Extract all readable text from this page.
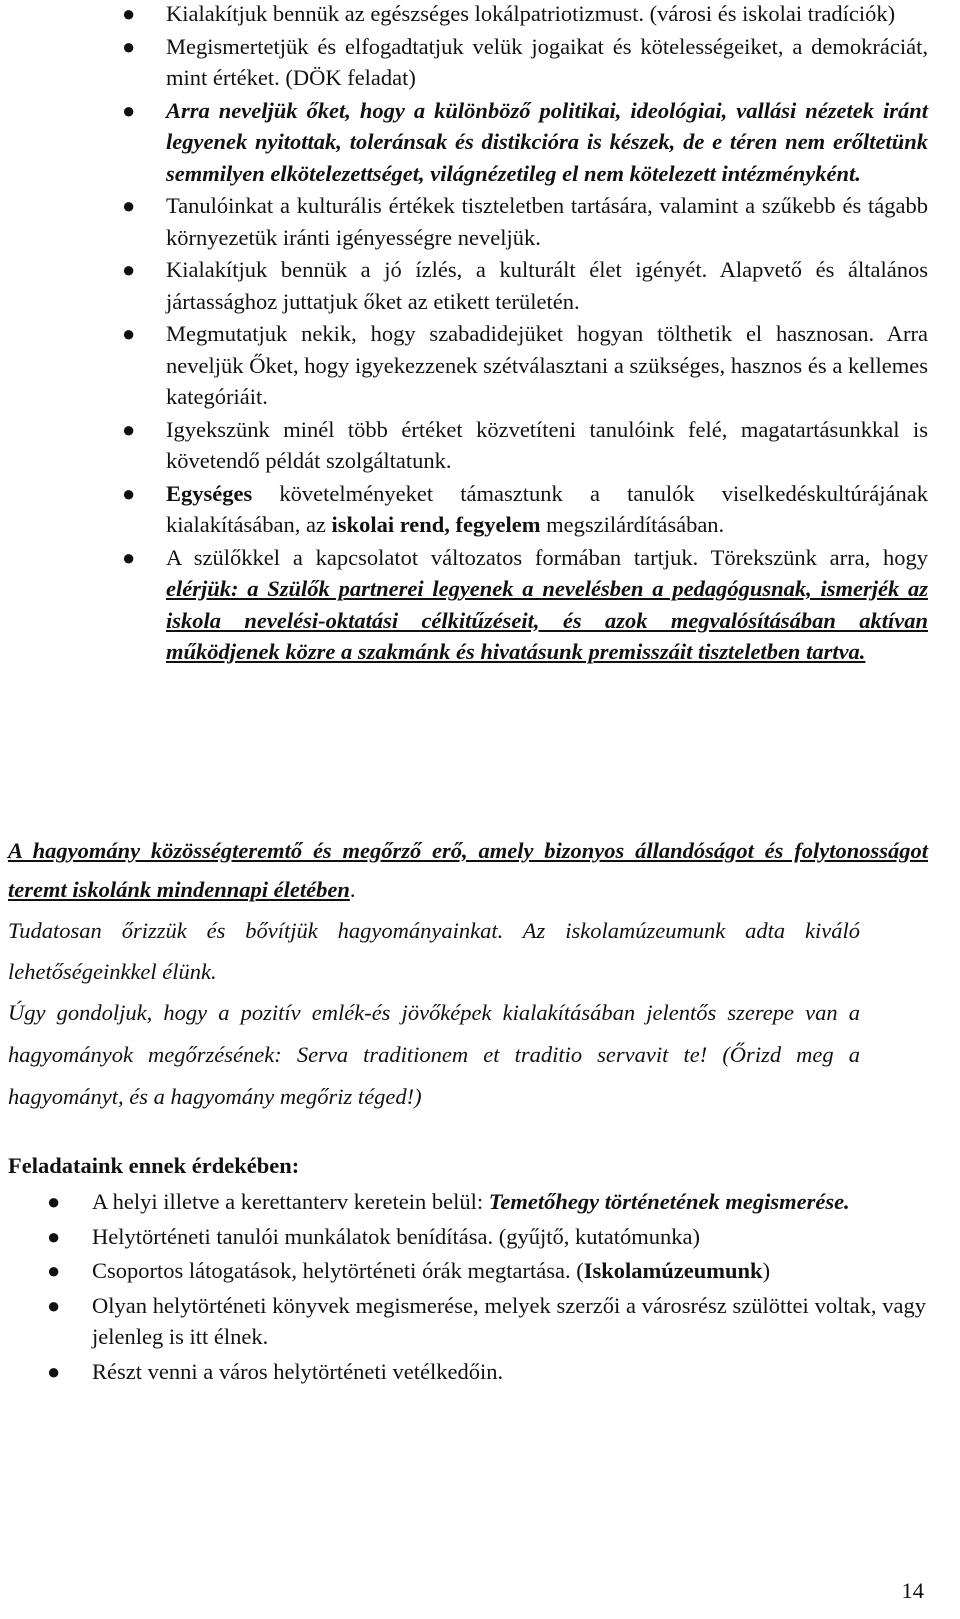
● Kialakítjuk bennük az egészséges lokálpatriotizmust. (városi és iskolai tradíciók)
● Megismertetjük és elfogadtatjuk velük jogaikat és kötelességeiket, a demokráciát, mint értéket. (DÖK feladat)
● Arra neveljük őket, hogy a különböző politikai, ideológiai, vallási nézetek iránt legyenek nyitottak, toleránsak és distikcióra is készek, de e téren nem erőltetünk semmilyen elkötelezettséget, világnézetileg el nem kötelezett intézményként.
● Tanulóinkat a kulturális értékek tiszteletben tartására, valamint a szűkebb és tágabb környezetük iránti igényességre neveljük.
● Kialakítjuk bennük a jó ízlés, a kulturált élet igényét. Alapvető és általános jártassághoz juttatjuk őket az etikett területén.
● Megmutatjuk nekik, hogy szabadidejüket hogyan tölthetik el hasznosan. Arra neveljük Őket, hogy igyekezzenek szétválasztani a szükséges, hasznos és a kellemes kategóriáit.
● Igyekszünk minél több értéket közvetíteni tanulóink felé, magatartásunkkal is követendő példát szolgáltatunk.
● Egységes követelményeket támasztunk a tanulók viselkedéskultúrájának kialakításában, az iskolai rend, fegyelem megszilárdításában.
● A szülőkkel a kapcsolatot változatos formában tartjuk. Törekszünk arra, hogy elérjük: a Szülők partnerei legyenek a nevelésben a pedagógusnak, ismerjék az iskola nevelési-oktatási célkitűzéseit, és azok megvalósításában aktívan működjenek közre a szakmánk és hivatásunk premisszáit tiszteletben tartva.

A hagyomány közösségteremtő és megőrző erő, amely bizonyos állandóságot és folytonosságot teremt iskolánk mindennapi életében.

Tudatosan őrizzük és bővítjük hagyományainkat. Az iskolamúzeumunk adta kiváló lehetőségeinkkel élünk.

Úgy gondoljuk, hogy a pozitív emlék-és jövőképek kialakításában jelentős szerepe van a hagyományok megőrzésének: Serva traditionem et traditio servavit te! (Őrizd meg a hagyományt, és a hagyomány megőriz téged!)

Feladataink ennek érdekében:

● A helyi illetve a kerettanterv keretein belül: Temetőhegy történetének megismerése.
● Helytörténeti tanulói munkálatok benídítása. (gyűjtő, kutatómunka)
● Csoportos látogatások, helytörténeti órák megtartása. (Iskolamúzeumunk)
● Olyan helytörténeti könyvek megismerése, melyek szerzői a városrész szülöttei voltak, vagy jelenleg is itt élnek.
● Részt venni a város helytörténeti vetélkedőin.

14
